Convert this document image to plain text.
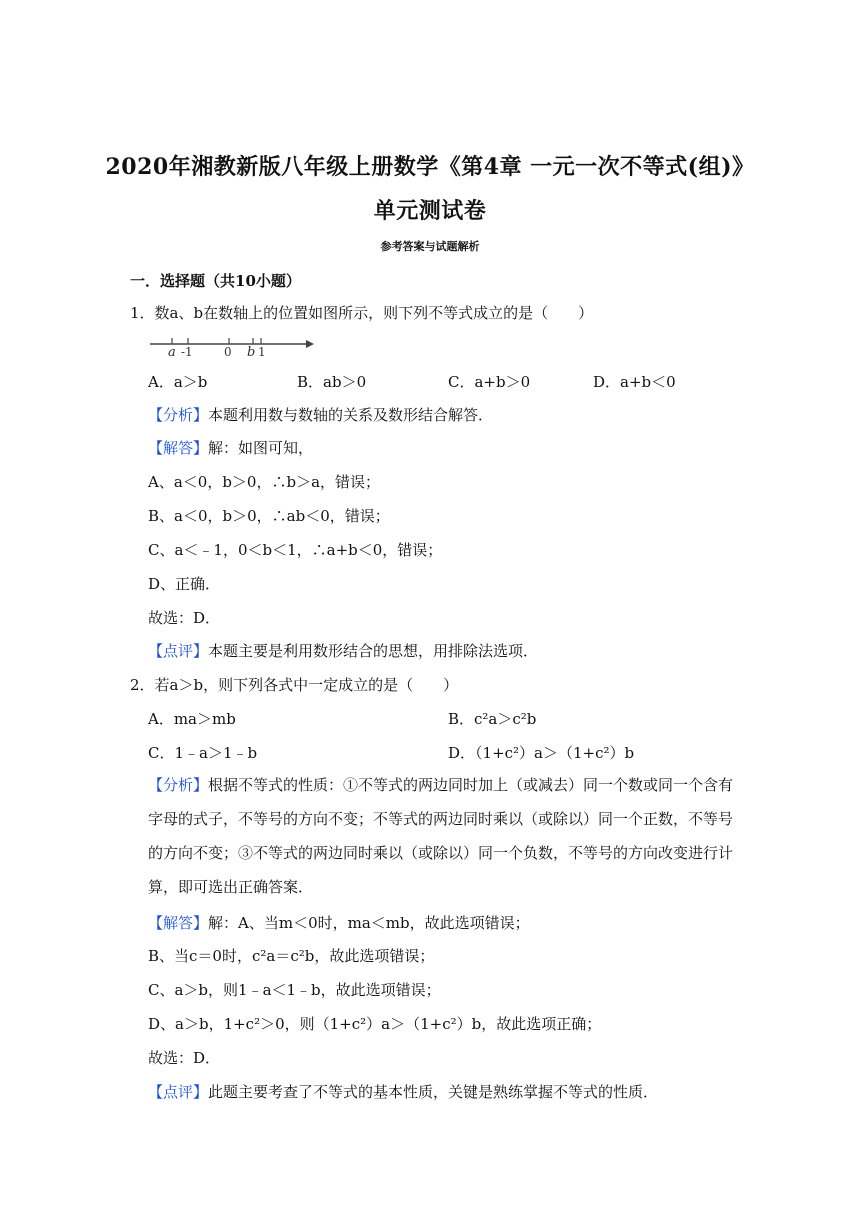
2020年湘教新版八年级上册数学《第4章 一元一次不等式(组)》
单元测试卷
参考答案与试题解析
一．选择题（共10小题）
1．数a、b在数轴上的位置如图所示，则下列不等式成立的是（　　）
a -1	0 b 1
A．a＞b	B．ab＞0	C．a+b＞0	D．a+b＜0
【分析】本题利用数与数轴的关系及数形结合解答．
【解答】解：如图可知，
A、a＜0，b＞0，∴b＞a，错误；
B、a＜0，b＞0，∴ab＜0，错误；
C、a＜﹣1，0＜b＜1，∴a+b＜0，错误；
D、正确．
故选：D．
【点评】本题主要是利用数形结合的思想，用排除法选项．
2．若a＞b，则下列各式中一定成立的是（　　）
A．ma＞mb	B．c²a＞c²b
C．1﹣a＞1﹣b	D．（1+c²）a＞（1+c²）b
【分析】根据不等式的性质：①不等式的两边同时加上（或减去）同一个数或同一个含有字母的式子，不等号的方向不变；不等式的两边同时乘以（或除以）同一个正数，不等号的方向不变；③不等式的两边同时乘以（或除以）同一个负数，不等号的方向改变进行计算，即可选出正确答案．
【解答】解：A、当m＜0时，ma＜mb，故此选项错误；
B、当c＝0时，c²a＝c²b，故此选项错误；
C、a＞b，则1﹣a＜1﹣b，故此选项错误；
D、a＞b，1+c²＞0，则（1+c²）a＞（1+c²）b，故此选项正确；
故选：D．
【点评】此题主要考查了不等式的基本性质，关键是熟练掌握不等式的性质．
